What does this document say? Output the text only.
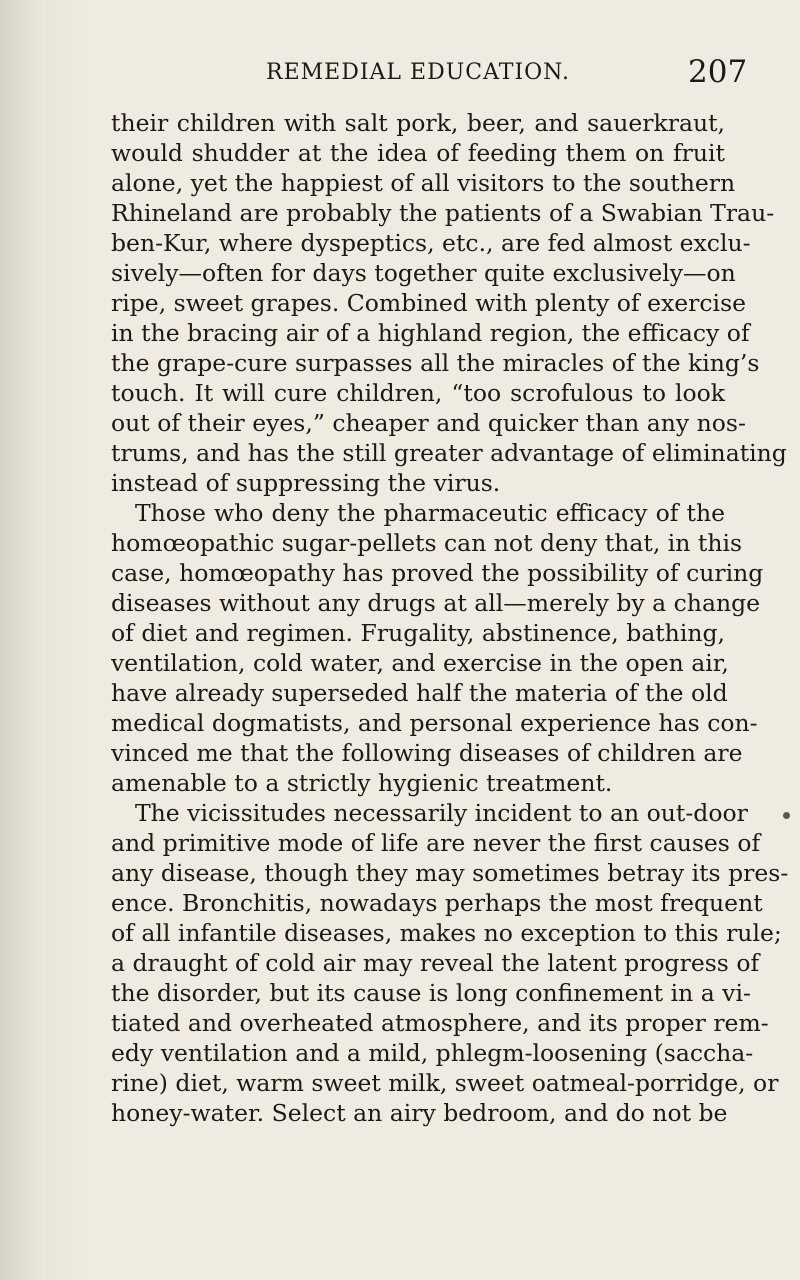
REMEDIAL EDUCATION.	207
their children with salt pork, beer, and sauerkraut,
would shudder at the idea of feeding them on fruit
alone, yet the happiest of all visitors to the southern
Rhineland are probably the patients of a Swabian Trau-
ben-Kur, where dyspeptics, etc., are fed almost exclu-
sively—often for days together quite exclusively—on
ripe, sweet grapes. Combined with plenty of exercise
in the bracing air of a highland region, the efficacy of
the grape-cure surpasses all the miracles of the king’s
touch. It will cure children, “too scrofulous to look
out of their eyes,” cheaper and quicker than any nos-
trums, and has the still greater advantage of eliminating
instead of suppressing the virus.
Those who deny the pharmaceutic efficacy of the
homœopathic sugar-pellets can not deny that, in this
case, homœopathy has proved the possibility of curing
diseases without any drugs at all—merely by a change
of diet and regimen. Frugality, abstinence, bathing,
ventilation, cold water, and exercise in the open air,
have already superseded half the materia of the old
medical dogmatists, and personal experience has con-
vinced me that the following diseases of children are
amenable to a strictly hygienic treatment.
The vicissitudes necessarily incident to an out-door
and primitive mode of life are never the first causes of
any disease, though they may sometimes betray its pres-
ence. Bronchitis, nowadays perhaps the most frequent
of all infantile diseases, makes no exception to this rule;
a draught of cold air may reveal the latent progress of
the disorder, but its cause is long confinement in a vi-
tiated and overheated atmosphere, and its proper rem-
edy ventilation and a mild, phlegm-loosening (saccha-
rine) diet, warm sweet milk, sweet oatmeal-porridge, or
honey-water. Select an airy bedroom, and do not be
